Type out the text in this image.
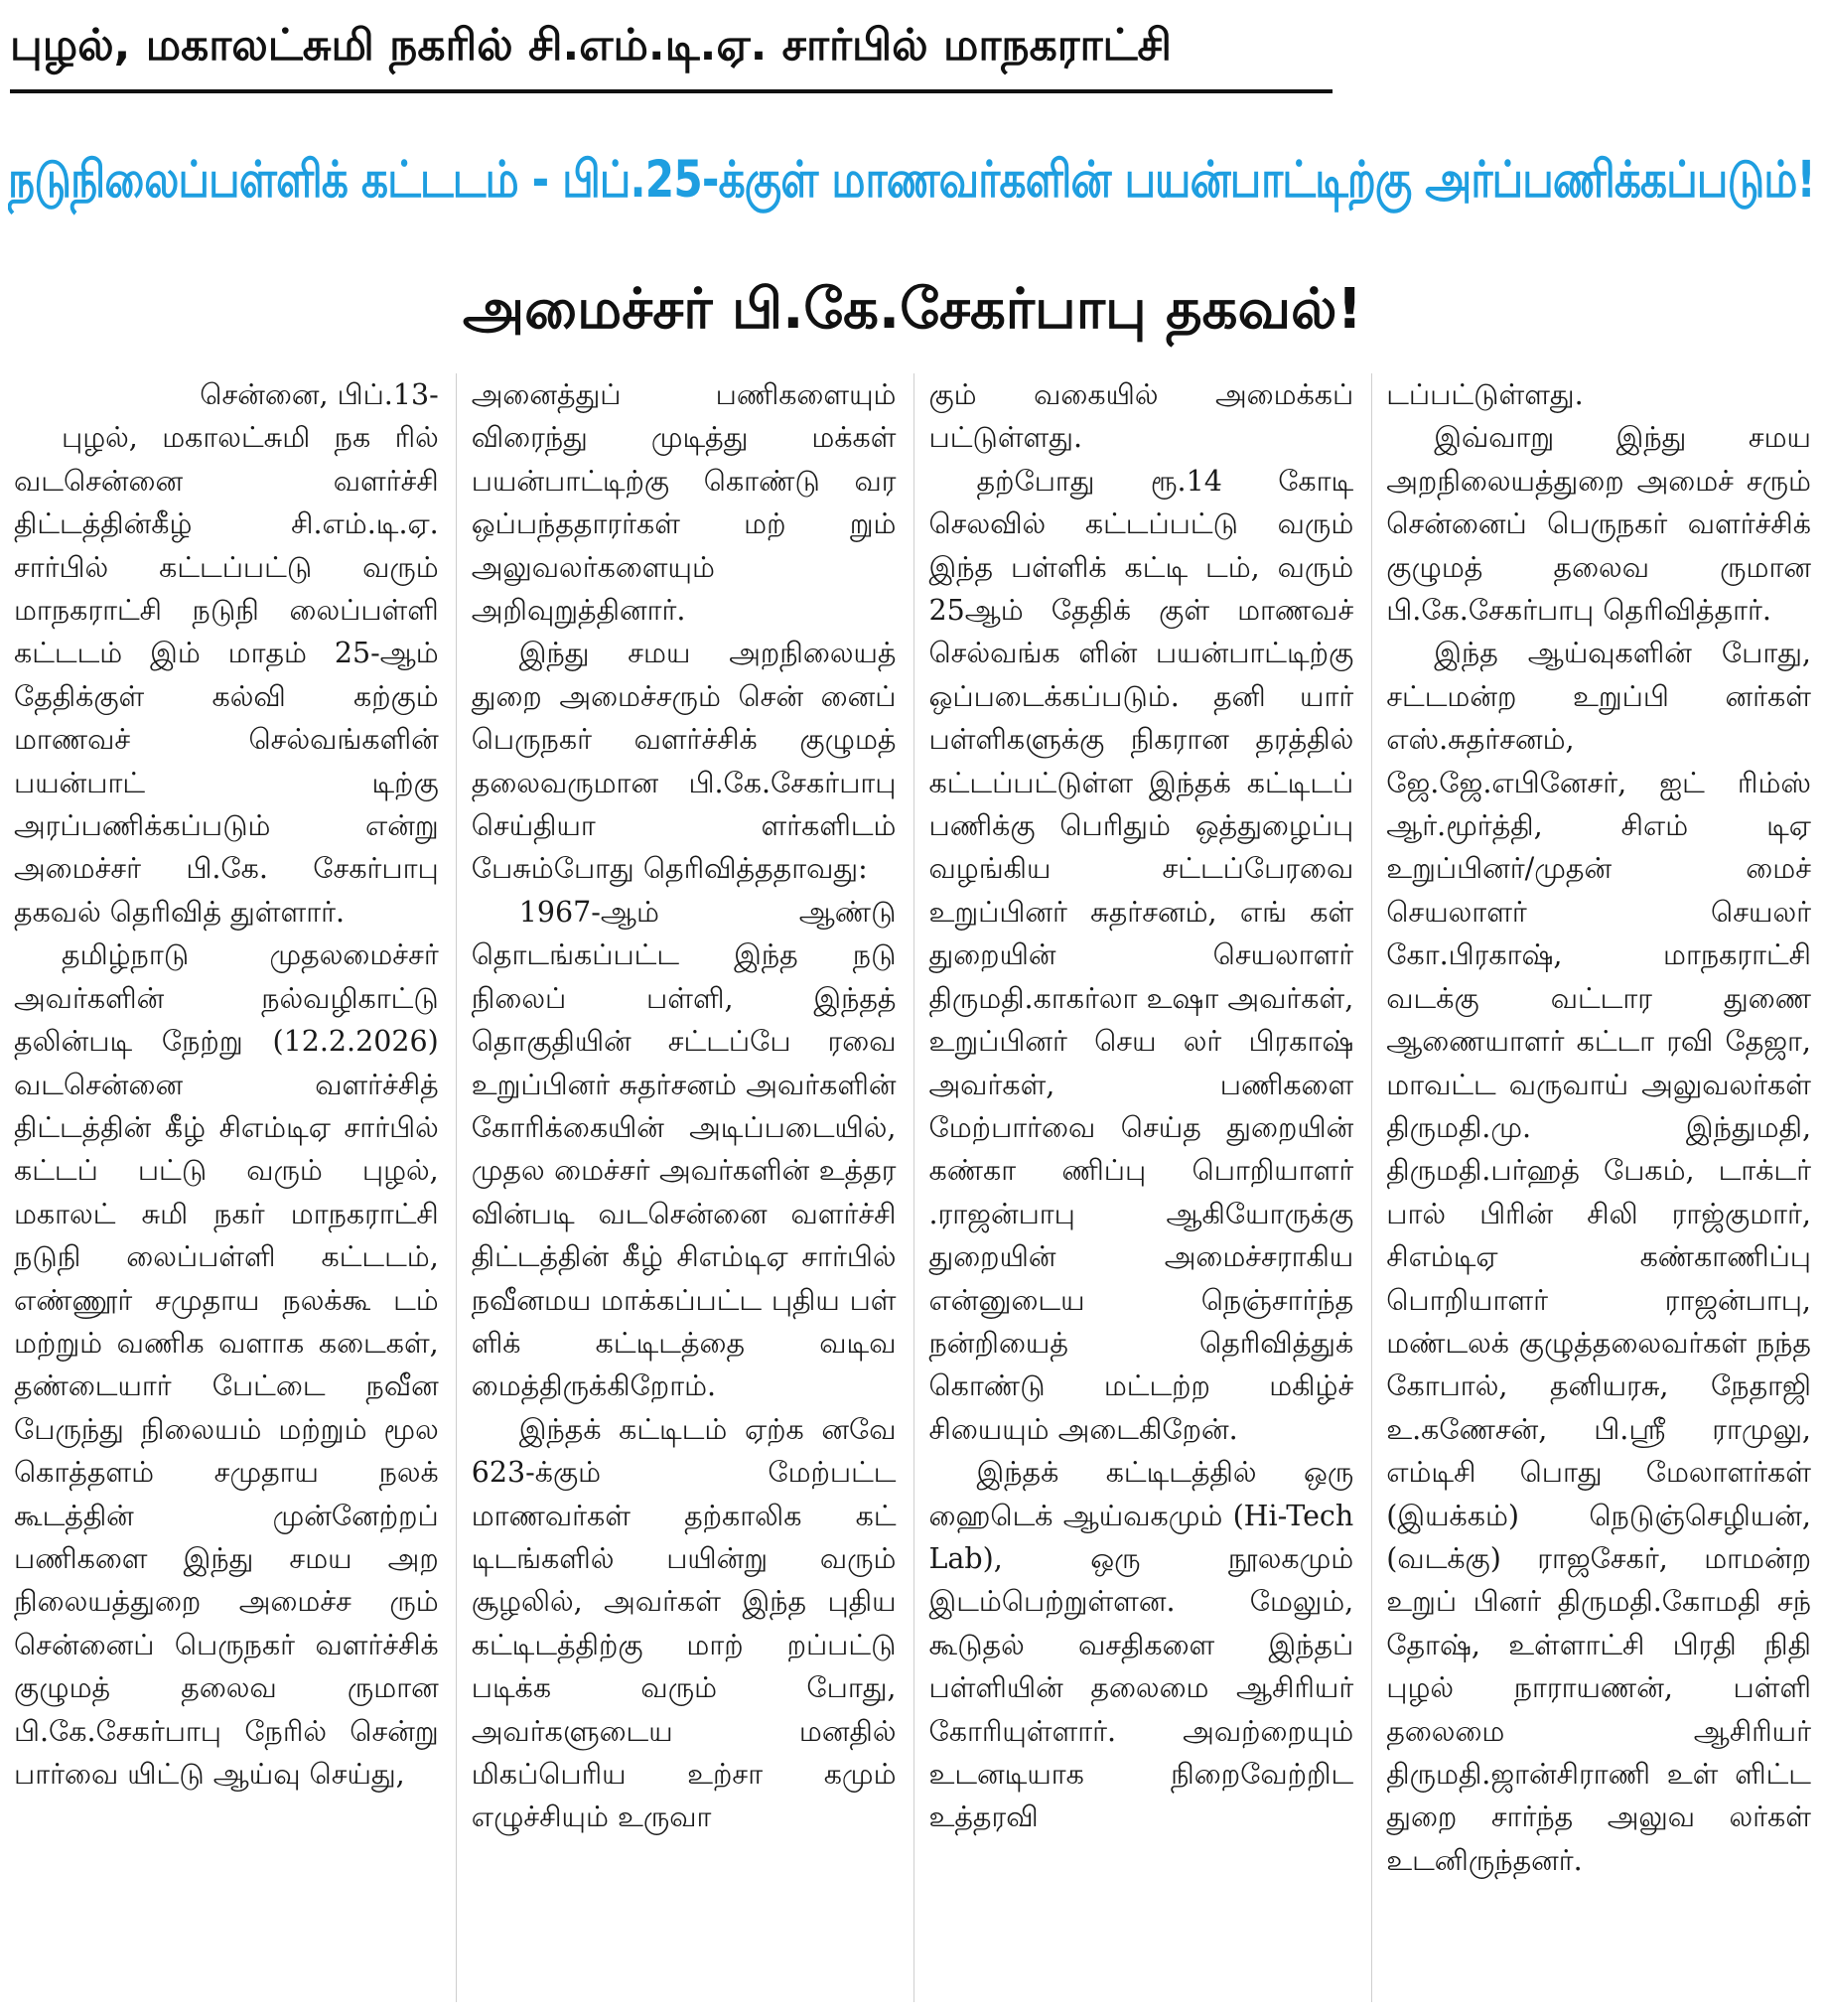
புழல், மகாலட்சுமி நகரில் சி.எம்.டி.ஏ. சார்பில் மாநகராட்சி
நடுநிலைப்பள்ளிக் கட்டடம் - பிப்.25-க்குள் மாணவர்களின் பயன்பாட்டிற்கு அர்ப்பணிக்கப்படும்!
அமைச்சர் பி.கே.சேகர்பாபு தகவல்!

சென்னை, பிப்.13-

புழல், மகாலட்சுமி நக ரில் வடசென்னை வளர்ச்சி திட்டத்தின்கீழ் சி.எம்.டி.ஏ. சார்பில் கட்டப்பட்டு வரும் மாநகராட்சி நடுநி லைப்பள்ளி கட்டடம் இம் மாதம் 25-ஆம் தேதிக்குள் கல்வி கற்கும் மாணவச் செல்வங்களின் பயன்பாட் டிற்கு அரப்பணிக்கப்படும் என்று அமைச்சர் பி.கே. சேகர்பாபு தகவல் தெரிவித் துள்ளார்.

தமிழ்நாடு முதலமைச்சர் அவர்களின் நல்வழிகாட்டு தலின்படி நேற்று (12.2.2026) வடசென்னை வளர்ச்சித் திட்டத்தின் கீழ் சிஎம்டிஏ சார்பில் கட்டப் பட்டு வரும் புழல், மகாலட் சுமி நகர் மாநகராட்சி நடுநி லைப்பள்ளி கட்டடம், எண்ணூர் சமுதாய நலக்கூ டம் மற்றும் வணிக வளாக கடைகள், தண்டையார் பேட்டை நவீன பேருந்து நிலையம் மற்றும் மூல கொத்தளம் சமுதாய நலக் கூடத்தின் முன்னேற்றப் பணிகளை இந்து சமய அற நிலையத்துறை அமைச்ச ரும் சென்னைப் பெருநகர் வளர்ச்சிக் குழுமத் தலைவ ருமான பி.கே.சேகர்பாபு நேரில் சென்று பார்வை யிட்டு ஆய்வு செய்து,

அனைத்துப் பணிகளையும் விரைந்து முடித்து மக்கள் பயன்பாட்டிற்கு கொண்டு வர ஒப்பந்ததாரர்கள் மற் றும் அலுவலர்களையும் அறிவுறுத்தினார்.

இந்து சமய அறநிலையத் துறை அமைச்சரும் சென் னைப் பெருநகர் வளர்ச்சிக் குழுமத் தலைவருமான பி.கே.சேகர்பாபு செய்தியா ளர்களிடம் பேசும்போது தெரிவித்ததாவது:

1967-ஆம் ஆண்டு தொடங்கப்பட்ட இந்த நடு நிலைப் பள்ளி, இந்தத் தொகுதியின் சட்டப்பே ரவை உறுப்பினர் சுதர்சனம் அவர்களின் கோரிக்கையின் அடிப்படையில், முதல மைச்சர் அவர்களின் உத்தர வின்படி வடசென்னை வளர்ச்சி திட்டத்தின் கீழ் சிஎம்டிஏ சார்பில் நவீனமய மாக்கப்பட்ட புதிய பள் ளிக் கட்டிடத்தை வடிவ மைத்திருக்கிறோம்.

இந்தக் கட்டிடம் ஏற்க னவே 623-க்கும் மேற்பட்ட மாணவர்கள் தற்காலிக கட் டிடங்களில் பயின்று வரும் சூழலில், அவர்கள் இந்த புதிய கட்டிடத்திற்கு மாற் றப்பட்டு படிக்க வரும் போது, அவர்களுடைய மனதில் மிகப்பெரிய உற்சா கமும் எழுச்சியும் உருவா

கும் வகையில் அமைக்கப் பட்டுள்ளது.

தற்போது ரூ.14 கோடி செலவில் கட்டப்பட்டு வரும் இந்த பள்ளிக் கட்டி டம், வரும் 25ஆம் தேதிக் குள் மாணவச் செல்வங்க ளின் பயன்பாட்டிற்கு ஒப்படைக்கப்படும். தனி யார் பள்ளிகளுக்கு நிகரான தரத்தில் கட்டப்பட்டுள்ள இந்தக் கட்டிடப் பணிக்கு பெரிதும் ஒத்துழைப்பு வழங்கிய சட்டப்பேரவை உறுப்பினர் சுதர்சனம், எங் கள் துறையின் செயலாளர் திருமதி.காகர்லா உஷா அவர்கள், உறுப்பினர் செய லர் பிரகாஷ் அவர்கள், பணிகளை மேற்பார்வை செய்த துறையின் கண்கா ணிப்பு பொறியாளர் .ராஜன்பாபு ஆகியோருக்கு துறையின் அமைச்சராகிய என்னுடைய நெஞ்சார்ந்த நன்றியைத் தெரிவித்துக் கொண்டு மட்டற்ற மகிழ்ச் சியையும் அடைகிறேன்.

இந்தக் கட்டிடத்தில் ஒரு ஹைடெக் ஆய்வகமும் (Hi-Tech Lab), ஒரு நூலகமும் இடம்பெற்றுள்ளன. மேலும், கூடுதல் வசதிகளை இந்தப் பள்ளியின் தலைமை ஆசிரியர் கோரியுள்ளார். அவற்றையும் உடனடியாக நிறைவேற்றிட உத்தரவி

டப்பட்டுள்ளது.

இவ்வாறு இந்து சமய அறநிலையத்துறை அமைச் சரும் சென்னைப் பெருநகர் வளர்ச்சிக் குழுமத் தலைவ ருமான பி.கே.சேகர்பாபு தெரிவித்தார்.

இந்த ஆய்வுகளின் போது, சட்டமன்ற உறுப்பி னர்கள் எஸ்.சுதர்சனம், ஜே.ஜே.எபினேசர், ஐட் ரிம்ஸ் ஆர்.மூர்த்தி, சிஎம் டிஏ உறுப்பினர்/முதன் மைச் செயலாளர் செயலர் கோ.பிரகாஷ், மாநகராட்சி வடக்கு வட்டார துணை ஆணையாளர் கட்டா ரவி தேஜா, மாவட்ட வருவாய் அலுவலர்கள் திருமதி.மு. இந்துமதி, திருமதி.பர்ஹத் பேகம், டாக்டர் பால் பிரின் சிலி ராஜ்குமார், சிஎம்டிஏ கண்காணிப்பு பொறியாளர் ராஜன்பாபு, மண்டலக் குழுத்தலைவர்கள் நந்த கோபால், தனியரசு, நேதாஜி உ.கணேசன், பி.ஸ்ரீ ராமுலு, எம்டிசி பொது மேலாளர்கள் (இயக்கம்) நெடுஞ்செழியன், (வடக்கு) ராஜசேகர், மாமன்ற உறுப் பினர் திருமதி.கோமதி சந் தோஷ், உள்ளாட்சி பிரதி நிதி புழல் நாராயணன், பள்ளி தலைமை ஆசிரியர் திருமதி.ஜான்சிராணி உள் ளிட்ட துறை சார்ந்த அலுவ லர்கள் உடனிருந்தனர்.
